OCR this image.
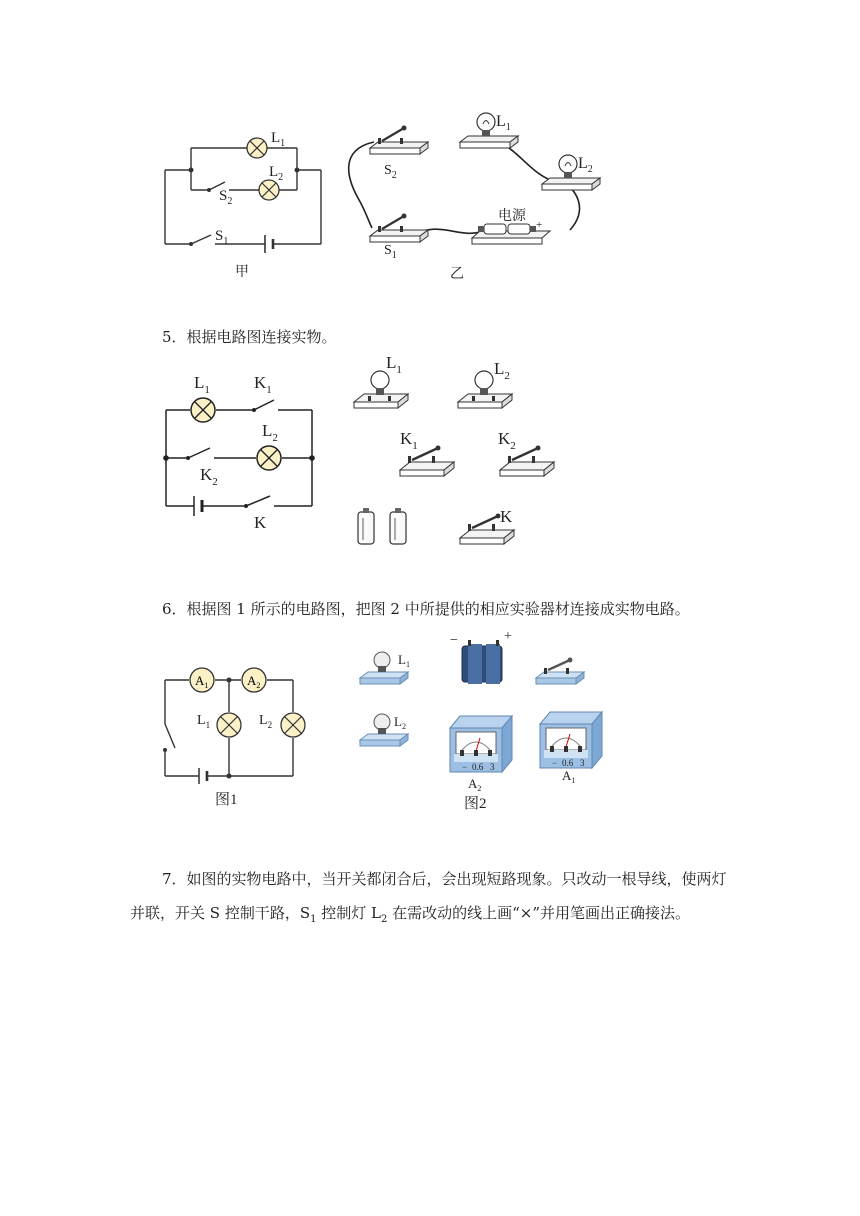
$L_1$
$L_2$
$S_2$
$S_1$
甲
$S_2$
$S_1$
$L_1$
$L_2$
电源
+
乙

5．根据电路图连接实物。

$L_1$	$K_1$
$L_2$
$K_2$
K
$L_1$	$L_2$
$K_1$	$K_2$
K

6．根据图 1 所示的电路图，把图 2 中所提供的相应实验器材连接成实物电路。

$A_1$	$A_2$
$L_1$	$L_2$
图1
$L_1$
$L_2$
−	+
− 0.6 3	− 0.6 3
$A_2$
$A_1$
图2

7．如图的实物电路中，当开关都闭合后，会出现短路现象。只改动一根导线，使两灯

并联，开关 S 控制干路，$S_1$ 控制灯 $L_2$ 在需改动的线上画“×”并用笔画出正确接法。
